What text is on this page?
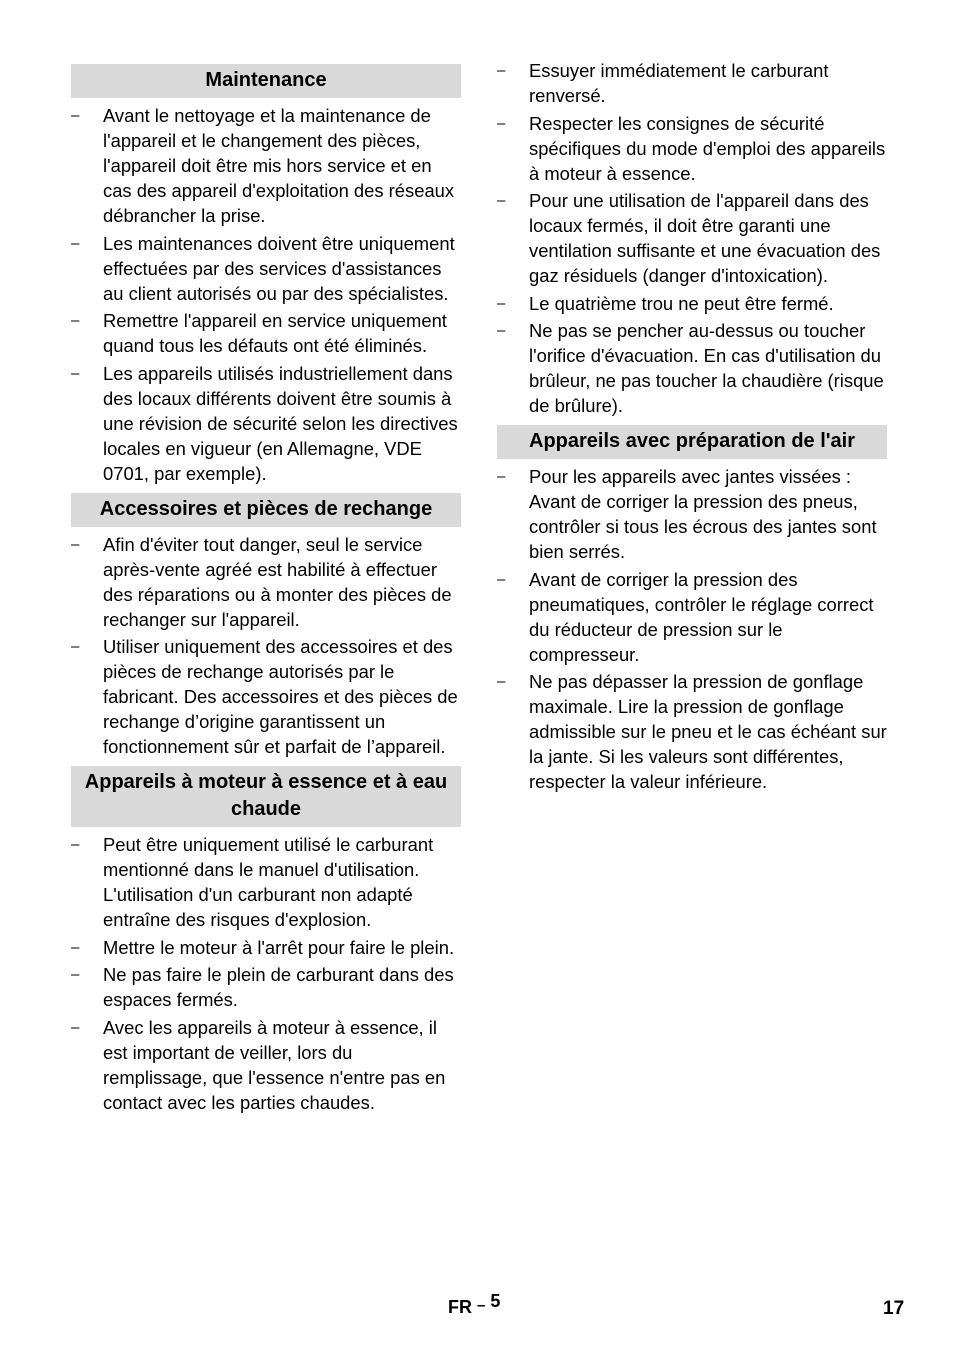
Maintenance
– Avant le nettoyage et la maintenance de l'appareil et le changement des pièces, l'appareil doit être mis hors service et en cas des appareil d'exploitation des réseaux débrancher la prise.
– Les maintenances doivent être uniquement effectuées par des services d'assistances au client autorisés ou par des spécialistes.
– Remettre l'appareil en service uniquement quand tous les défauts ont été éliminés.
– Les appareils utilisés industriellement dans des locaux différents doivent être soumis à une révision de sécurité selon les directives locales en vigueur (en Allemagne, VDE 0701, par exemple).
Accessoires et pièces de rechange
– Afin d'éviter tout danger, seul le service après-vente agréé est habilité à effectuer des réparations ou à monter des pièces de rechanger sur l'appareil.
– Utiliser uniquement des accessoires et des pièces de rechange autorisés par le fabricant. Des accessoires et des pièces de rechange d’origine garantissent un fonctionnement sûr et parfait de l’appareil.
Appareils à moteur à essence et à eau chaude
– Peut être uniquement utilisé le carburant mentionné dans le manuel d'utilisation. L'utilisation d'un carburant non adapté entraîne des risques d'explosion.
– Mettre le moteur à l'arrêt pour faire le plein.
– Ne pas faire le plein de carburant dans des espaces fermés.
– Avec les appareils à moteur à essence, il est important de veiller, lors du remplissage, que l'essence n'entre pas en contact avec les parties chaudes.
– Essuyer immédiatement le carburant renversé.
– Respecter les consignes de sécurité spécifiques du mode d'emploi des appareils à moteur à essence.
– Pour une utilisation de l'appareil dans des locaux fermés, il doit être garanti une ventilation suffisante et une évacuation des gaz résiduels (danger d'intoxication).
– Le quatrième trou ne peut être fermé.
– Ne pas se pencher au-dessus ou toucher l'orifice d'évacuation. En cas d'utilisation du brûleur, ne pas toucher la chaudière (risque de brûlure).
Appareils avec préparation de l'air
– Pour les appareils avec jantes vissées : Avant de corriger la pression des pneus, contrôler si tous les écrous des jantes sont bien serrés.
– Avant de corriger la pression des pneumatiques, contrôler le réglage correct du réducteur de pression sur le compresseur.
– Ne pas dépasser la pression de gonflage maximale. Lire la pression de gonflage admissible sur le pneu et le cas échéant sur la jante. Si les valeurs sont différentes, respecter la valeur inférieure.
FR – 5	17
